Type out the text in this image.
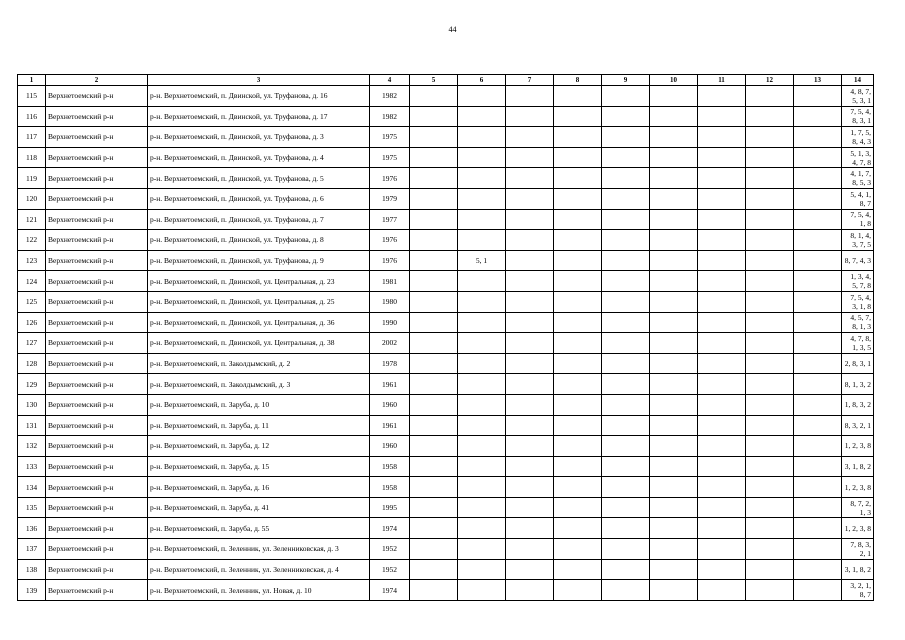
44
1	2	3	4	5	6	7	8	9	10	11	12	13	14
115	Верхнетоемский р-н	р-н. Верхнетоемский, п. Двинской, ул. Труфанова, д. 16	1982										4, 8, 7, 5, 3, 1
116	Верхнетоемский р-н	р-н. Верхнетоемский, п. Двинской, ул. Труфанова, д. 17	1982										7, 5, 4, 8, 3, 1
117	Верхнетоемский р-н	р-н. Верхнетоемский, п. Двинской, ул. Труфанова, д. 3	1975										1, 7, 5, 8, 4, 3
118	Верхнетоемский р-н	р-н. Верхнетоемский, п. Двинской, ул. Труфанова, д. 4	1975										5, 1, 3, 4, 7, 8
119	Верхнетоемский р-н	р-н. Верхнетоемский, п. Двинской, ул. Труфанова, д. 5	1976										4, 1, 7, 8, 5, 3
120	Верхнетоемский р-н	р-н. Верхнетоемский, п. Двинской, ул. Труфанова, д. 6	1979										5, 4, 1, 8, 7
121	Верхнетоемский р-н	р-н. Верхнетоемский, п. Двинской, ул. Труфанова, д. 7	1977										7, 5, 4, 1, 8
122	Верхнетоемский р-н	р-н. Верхнетоемский, п. Двинской, ул. Труфанова, д. 8	1976										8, 1, 4, 3, 7, 5
123	Верхнетоемский р-н	р-н. Верхнетоемский, п. Двинской, ул. Труфанова, д. 9	1976		5, 1								8, 7, 4, 3
124	Верхнетоемский р-н	р-н. Верхнетоемский, п. Двинской, ул. Центральная, д. 23	1981										1, 3, 4, 5, 7, 8
125	Верхнетоемский р-н	р-н. Верхнетоемский, п. Двинской, ул. Центральная, д. 25	1980										7, 5, 4, 3, 1, 8
126	Верхнетоемский р-н	р-н. Верхнетоемский, п. Двинской, ул. Центральная, д. 36	1990										4, 5, 7, 8, 1, 3
127	Верхнетоемский р-н	р-н. Верхнетоемский, п. Двинской, ул. Центральная, д. 38	2002										4, 7, 8, 1, 3, 5
128	Верхнетоемский р-н	р-н. Верхнетоемский, п. Заколдымский, д. 2	1978										2, 8, 3, 1
129	Верхнетоемский р-н	р-н. Верхнетоемский, п. Заколдымский, д. 3	1961										8, 1, 3, 2
130	Верхнетоемский р-н	р-н. Верхнетоемский, п. Заруба, д. 10	1960										1, 8, 3, 2
131	Верхнетоемский р-н	р-н. Верхнетоемский, п. Заруба, д. 11	1961										8, 3, 2, 1
132	Верхнетоемский р-н	р-н. Верхнетоемский, п. Заруба, д. 12	1960										1, 2, 3, 8
133	Верхнетоемский р-н	р-н. Верхнетоемский, п. Заруба, д. 15	1958										3, 1, 8, 2
134	Верхнетоемский р-н	р-н. Верхнетоемский, п. Заруба, д. 16	1958										1, 2, 3, 8
135	Верхнетоемский р-н	р-н. Верхнетоемский, п. Заруба, д. 41	1995										8, 7, 2, 1, 3
136	Верхнетоемский р-н	р-н. Верхнетоемский, п. Заруба, д. 55	1974										1, 2, 3, 8
137	Верхнетоемский р-н	р-н. Верхнетоемский, п. Зеленник, ул. Зеленниковская, д. 3	1952										7, 8, 3, 2, 1
138	Верхнетоемский р-н	р-н. Верхнетоемский, п. Зеленник, ул. Зеленниковская, д. 4	1952										3, 1, 8, 2
139	Верхнетоемский р-н	р-н. Верхнетоемский, п. Зеленник, ул. Новая, д. 10	1974										3, 2, 1, 8, 7
